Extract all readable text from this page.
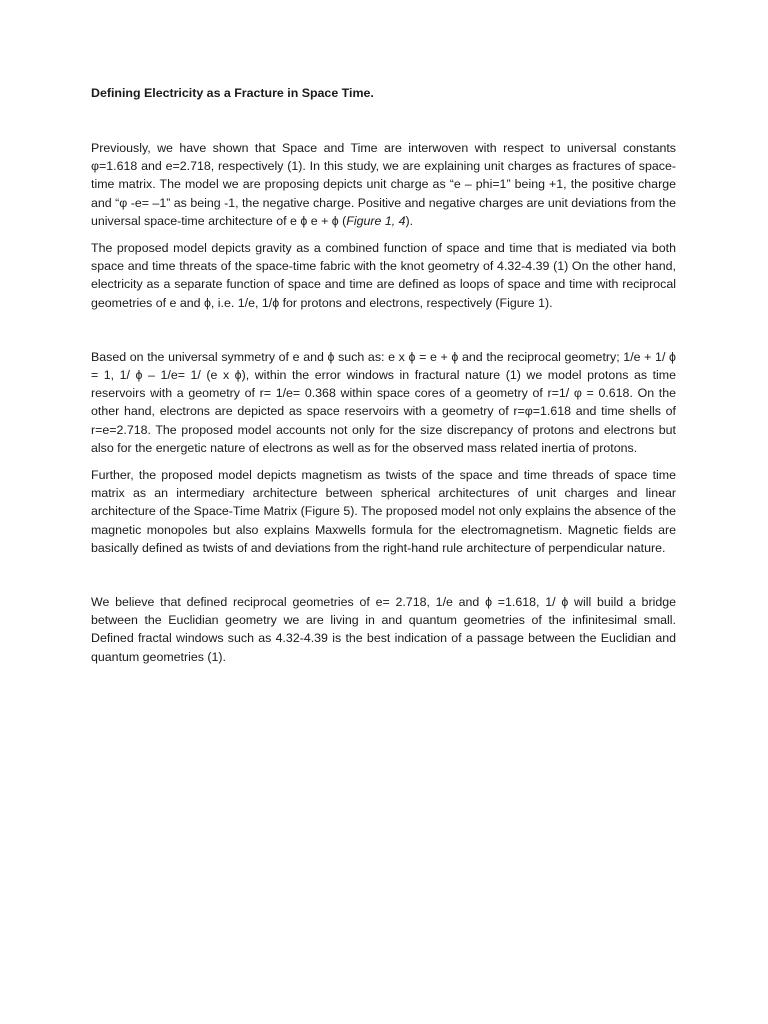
Defining Electricity as a Fracture in Space Time.

Previously, we have shown that Space and Time are interwoven with respect to universal constants φ=1.618 and e=2.718, respectively (1). In this study, we are explaining unit charges as fractures of space-time matrix. The model we are proposing depicts unit charge as “e – phi=1” being +1, the positive charge and “φ -e= –1” as being -1, the negative charge. Positive and negative charges are unit deviations from the universal space-time architecture of e ϕ e + ϕ (Figure 1, 4).

The proposed model depicts gravity as a combined function of space and time that is mediated via both space and time threats of the space-time fabric with the knot geometry of 4.32-4.39 (1) On the other hand, electricity as a separate function of space and time are defined as loops of space and time with reciprocal geometries of e and ϕ, i.e. 1/e, 1/ϕ for protons and electrons, respectively (Figure 1).

Based on the universal symmetry of e and ϕ such as: e x ϕ = e + ϕ and the reciprocal geometry; 1/e + 1/ ϕ = 1, 1/ ϕ – 1/e= 1/ (e x ϕ), within the error windows in fractural nature (1) we model protons as time reservoirs with a geometry of r= 1/e= 0.368 within space cores of a geometry of r=1/ φ = 0.618. On the other hand, electrons are depicted as space reservoirs with a geometry of r=φ=1.618 and time shells of r=e=2.718. The proposed model accounts not only for the size discrepancy of protons and electrons but also for the energetic nature of electrons as well as for the observed mass related inertia of protons.

Further, the proposed model depicts magnetism as twists of the space and time threads of space time matrix as an intermediary architecture between spherical architectures of unit charges and linear architecture of the Space-Time Matrix (Figure 5). The proposed model not only explains the absence of the magnetic monopoles but also explains Maxwells formula for the electromagnetism. Magnetic fields are basically defined as twists of and deviations from the right-hand rule architecture of perpendicular nature.

We believe that defined reciprocal geometries of e= 2.718, 1/e and ϕ =1.618, 1/ ϕ will build a bridge between the Euclidian geometry we are living in and quantum geometries of the infinitesimal small. Defined fractal windows such as 4.32-4.39 is the best indication of a passage between the Euclidian and quantum geometries (1).
